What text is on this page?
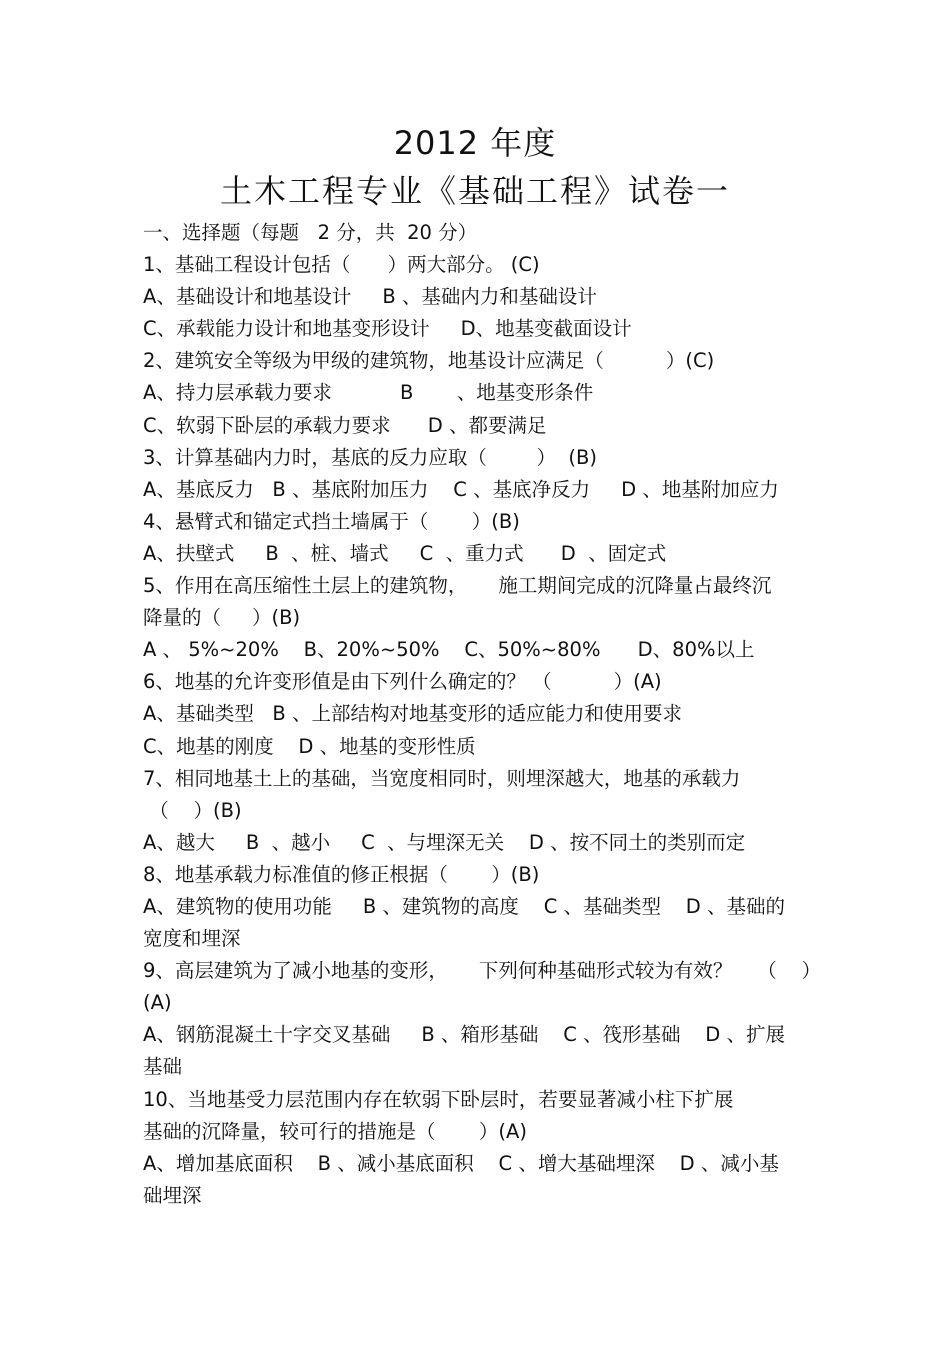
2012 年度
土木工程专业《基础工程》试卷一
一、选择题（每题   2 分，共  20 分）
1、基础工程设计包括（      ）两大部分。 (C)
A、基础设计和地基设计     B 、基础内力和基础设计
C、承载能力设计和地基变形设计     D、地基变截面设计
2、建筑安全等级为甲级的建筑物，地基设计应满足（          ）(C)
A、持力层承载力要求           B       、地基变形条件
C、软弱下卧层的承载力要求      D 、都要满足
3、计算基础内力时，基底的反力应取（        ）  (B)
A、基底反力   B 、基底附加压力    C 、基底净反力     D 、地基附加应力
4、悬臂式和锚定式挡土墙属于（       ）(B)
A、扶壁式     B  、桩、墙式     C  、重力式      D  、固定式
5、作用在高压缩性土层上的建筑物，     施工期间完成的沉降量占最终沉
降量的（     ）(B)
A 、 5%~20%    B、20%~50%    C、50%~80%      D、80%以上
6、地基的允许变形值是由下列什么确定的？ （          ）(A)
A、基础类型   B 、上部结构对地基变形的适应能力和使用要求
C、地基的刚度    D 、地基的变形性质
7、相同地基土上的基础，当宽度相同时，则埋深越大，地基的承载力
（    ）(B)
A、越大     B  、越小     C  、与埋深无关    D 、按不同土的类别而定
8、地基承载力标准值的修正根据（       ）(B)
A、建筑物的使用功能     B 、建筑物的高度    C 、基础类型    D 、基础的
宽度和埋深
9、高层建筑为了减小地基的变形，     下列何种基础形式较为有效？    （    ）
(A)
A、钢筋混凝土十字交叉基础     B 、箱形基础    C 、筏形基础    D 、扩展
基础
10、当地基受力层范围内存在软弱下卧层时，若要显著减小柱下扩展
基础的沉降量，较可行的措施是（       ）(A)
A、增加基底面积    B 、减小基底面积    C 、增大基础埋深    D 、减小基
础埋深
